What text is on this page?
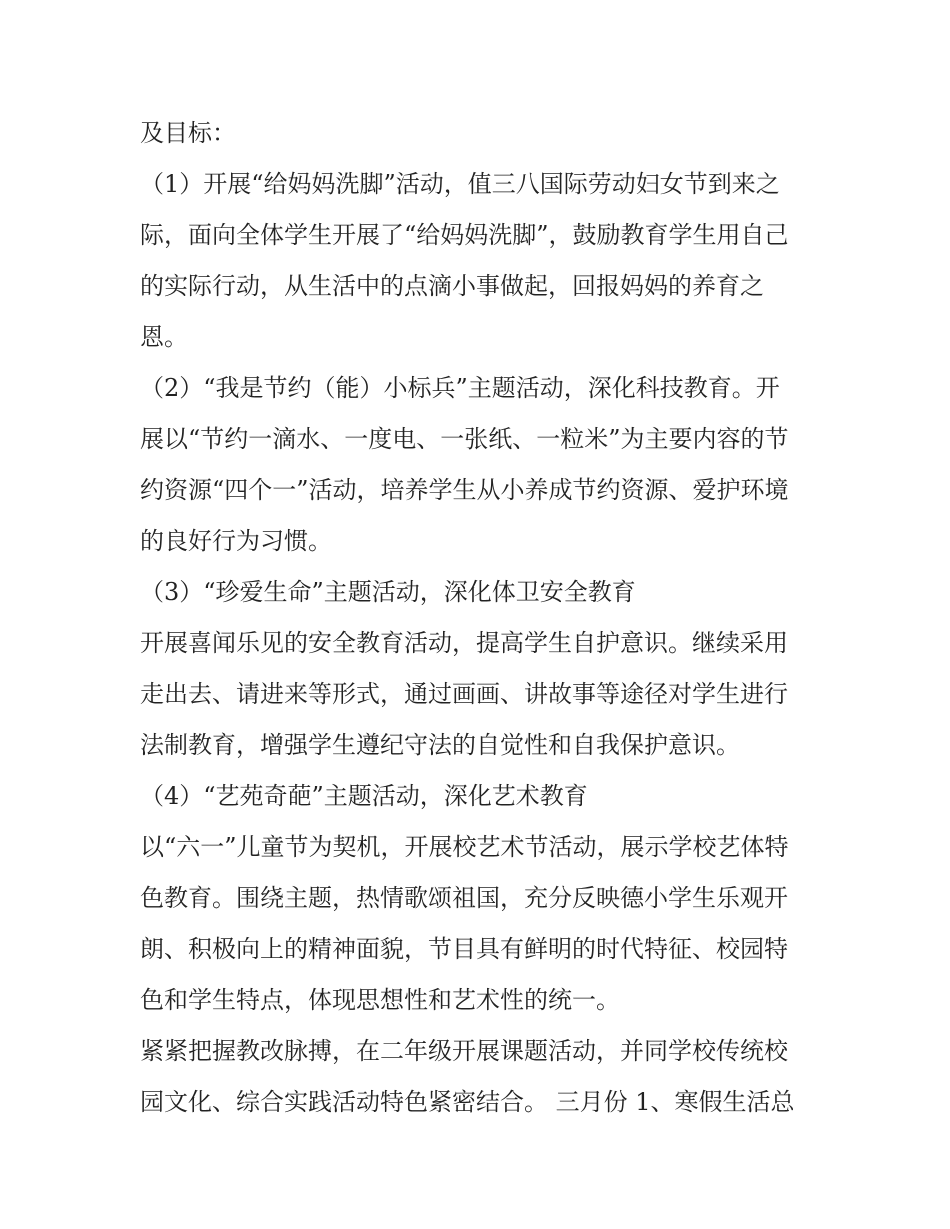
及目标：
（1）开展“给妈妈洗脚”活动，值三八国际劳动妇女节到来之
际，面向全体学生开展了“给妈妈洗脚”，鼓励教育学生用自己
的实际行动，从生活中的点滴小事做起，回报妈妈的养育之
恩。
（2）“我是节约（能）小标兵”主题活动，深化科技教育。开
展以“节约一滴水、一度电、一张纸、一粒米”为主要内容的节
约资源“四个一”活动，培养学生从小养成节约资源、爱护环境
的良好行为习惯。
（3）“珍爱生命”主题活动，深化体卫安全教育
开展喜闻乐见的安全教育活动，提高学生自护意识。继续采用
走出去、请进来等形式，通过画画、讲故事等途径对学生进行
法制教育，增强学生遵纪守法的自觉性和自我保护意识。
（4）“艺苑奇葩”主题活动，深化艺术教育
以“六一”儿童节为契机，开展校艺术节活动，展示学校艺体特
色教育。围绕主题，热情歌颂祖国，充分反映德小学生乐观开
朗、积极向上的精神面貌，节目具有鲜明的时代特征、校园特
色和学生特点，体现思想性和艺术性的统一。
紧紧把握教改脉搏，在二年级开展课题活动，并同学校传统校
园文化、综合实践活动特色紧密结合。 三月份 1、寒假生活总
